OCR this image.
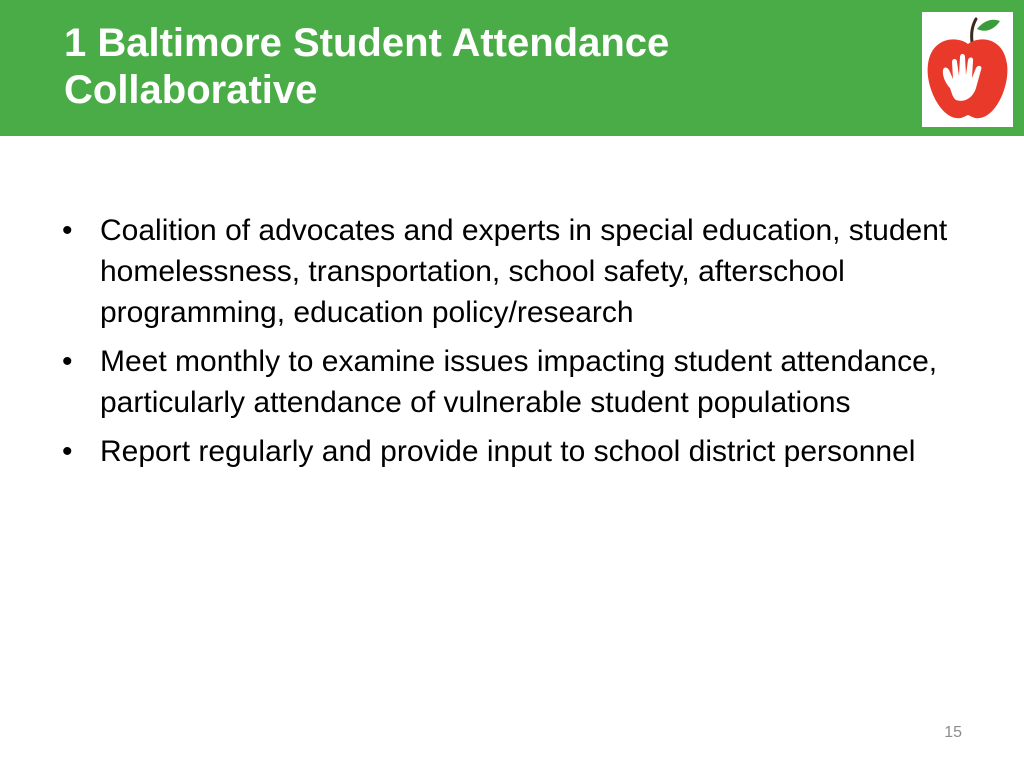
1 Baltimore Student Attendance Collaborative
• Coalition of advocates and experts in special education, student homelessness, transportation, school safety, afterschool programming, education policy/research
• Meet monthly to examine issues impacting student attendance, particularly attendance of vulnerable student populations
• Report regularly and provide input to school district personnel
15
